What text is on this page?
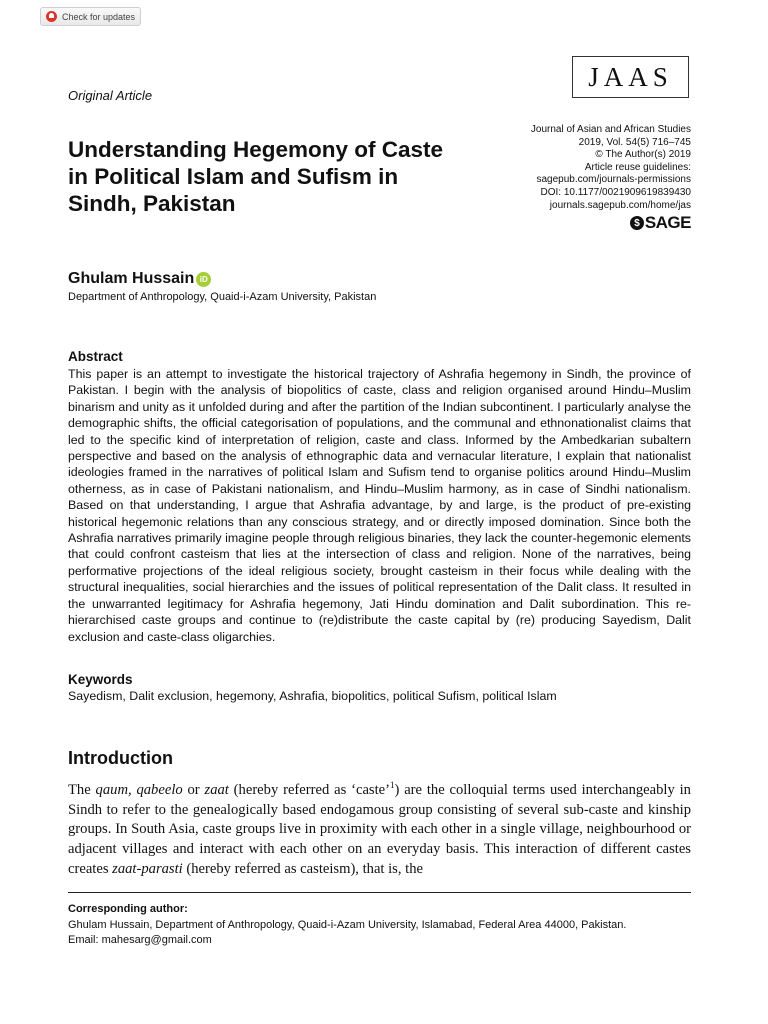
Check for updates
Original Article
JAAS
Journal of Asian and African Studies
2019, Vol. 54(5) 716–745
© The Author(s) 2019
Article reuse guidelines:
sagepub.com/journals-permissions
DOI: 10.1177/0021909619839430
journals.sagepub.com/home/jas
$ SAGE
Understanding Hegemony of Caste in Political Islam and Sufism in Sindh, Pakistan
Ghulam Hussain iD
Department of Anthropology, Quaid-i-Azam University, Pakistan
Abstract
This paper is an attempt to investigate the historical trajectory of Ashrafia hegemony in Sindh, the province of Pakistan. I begin with the analysis of biopolitics of caste, class and religion organised around Hindu–Muslim binarism and unity as it unfolded during and after the partition of the Indian subcontinent. I particularly analyse the demographic shifts, the official categorisation of populations, and the communal and ethnonationalist claims that led to the specific kind of interpretation of religion, caste and class. Informed by the Ambedkarian subaltern perspective and based on the analysis of ethnographic data and vernacular literature, I explain that nationalist ideologies framed in the narratives of political Islam and Sufism tend to organise politics around Hindu–Muslim otherness, as in case of Pakistani nationalism, and Hindu–Muslim harmony, as in case of Sindhi nationalism. Based on that understanding, I argue that Ashrafia advantage, by and large, is the product of pre-existing historical hegemonic relations than any conscious strategy, and or directly imposed domination. Since both the Ashrafia narratives primarily imagine people through religious binaries, they lack the counter-hegemonic elements that could confront casteism that lies at the intersection of class and religion. None of the narratives, being performative projections of the ideal religious society, brought casteism in their focus while dealing with the structural inequalities, social hierarchies and the issues of political representation of the Dalit class. It resulted in the unwarranted legitimacy for Ashrafia hegemony, Jati Hindu domination and Dalit subordination. This re-hierarchised caste groups and continue to (re)distribute the caste capital by (re) producing Sayedism, Dalit exclusion and caste-class oligarchies.
Keywords
Sayedism, Dalit exclusion, hegemony, Ashrafia, biopolitics, political Sufism, political Islam
Introduction
The qaum, qabeelo or zaat (hereby referred as ‘caste’$^1$) are the colloquial terms used interchangeably in Sindh to refer to the genealogically based endogamous group consisting of several sub-caste and kinship groups. In South Asia, caste groups live in proximity with each other in a single village, neighbourhood or adjacent villages and interact with each other on an everyday basis. This interaction of different castes creates zaat-parasti (hereby referred as casteism), that is, the
Corresponding author:
Ghulam Hussain, Department of Anthropology, Quaid-i-Azam University, Islamabad, Federal Area 44000, Pakistan.
Email: mahesarg@gmail.com
